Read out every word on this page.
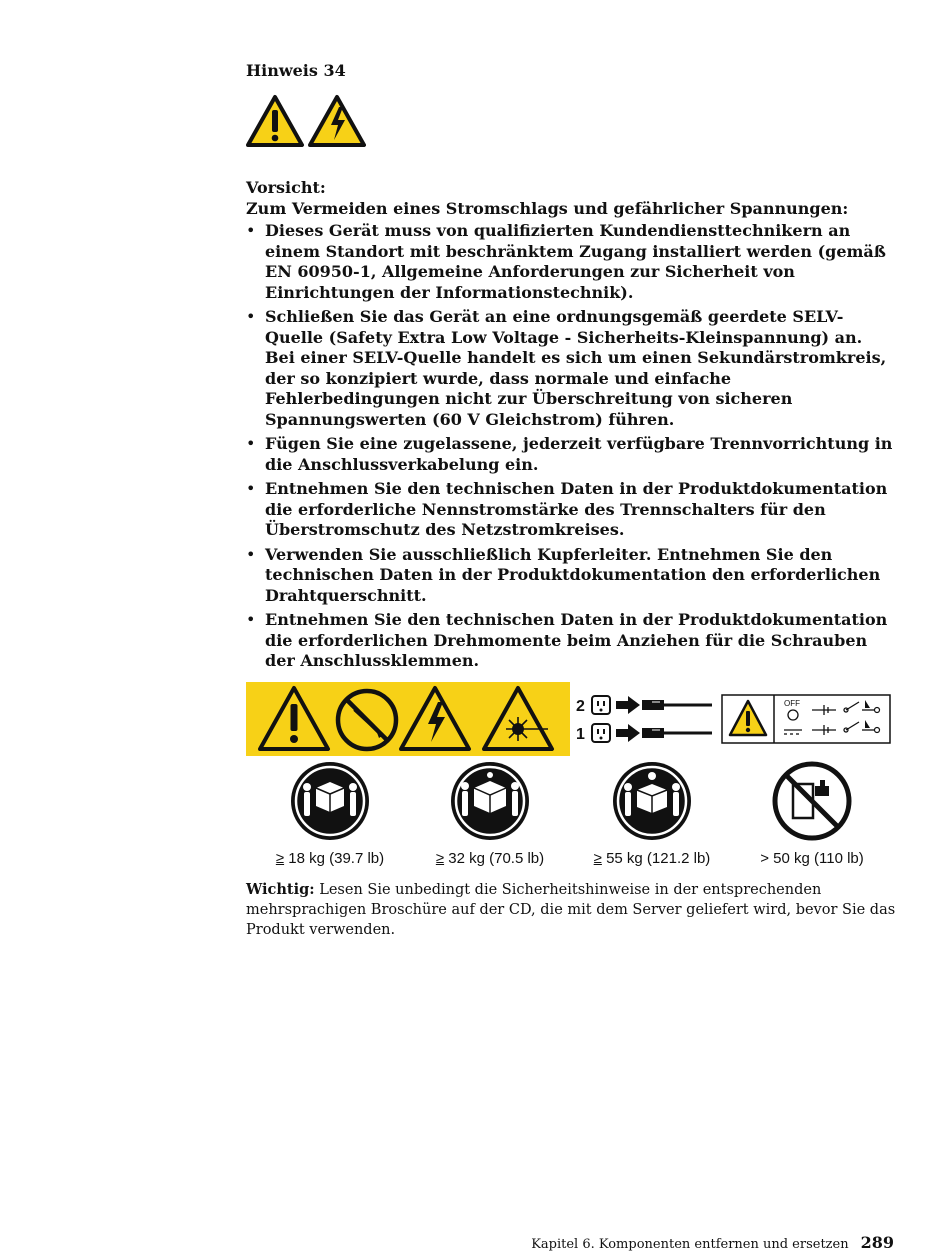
Hinweis 34

Vorsicht:

Zum Vermeiden eines Stromschlags und gefährlicher Spannungen:

• Dieses Gerät muss von qualifizierten Kundendiensttechnikern an einem Standort mit beschränktem Zugang installiert werden (gemäß EN 60950-1, Allgemeine Anforderungen zur Sicherheit von Einrichtungen der Informationstechnik).
• Schließen Sie das Gerät an eine ordnungsgemäß geerdete SELV-Quelle (Safety Extra Low Voltage - Sicherheits-Kleinspannung) an. Bei einer SELV-Quelle handelt es sich um einen Sekundärstromkreis, der so konzipiert wurde, dass normale und einfache Fehlerbedingungen nicht zur Überschreitung von sicheren Spannungswerten (60 V Gleichstrom) führen.
• Fügen Sie eine zugelassene, jederzeit verfügbare Trennvorrichtung in die Anschlussverkabelung ein.
• Entnehmen Sie den technischen Daten in der Produktdokumentation die erforderliche Nennstromstärke des Trennschalters für den Überstromschutz des Netzstromkreises.
• Verwenden Sie ausschließlich Kupferleiter. Entnehmen Sie den technischen Daten in der Produktdokumentation den erforderlichen Drahtquerschnitt.
• Entnehmen Sie den technischen Daten in der Produktdokumentation die erforderlichen Drehmomente beim Anziehen für die Schrauben der Anschlussklemmen.
2
1
OFF
≥ 18 kg (39.7 lb)	≥ 32 kg (70.5 lb)	≥ 55 kg (121.2 lb)	> 50 kg (110 lb)

Wichtig: Lesen Sie unbedingt die Sicherheitshinweise in der entsprechenden mehrsprachigen Broschüre auf der CD, die mit dem Server geliefert wird, bevor Sie das Produkt verwenden.

Kapitel 6. Komponenten entfernen und ersetzen 289
